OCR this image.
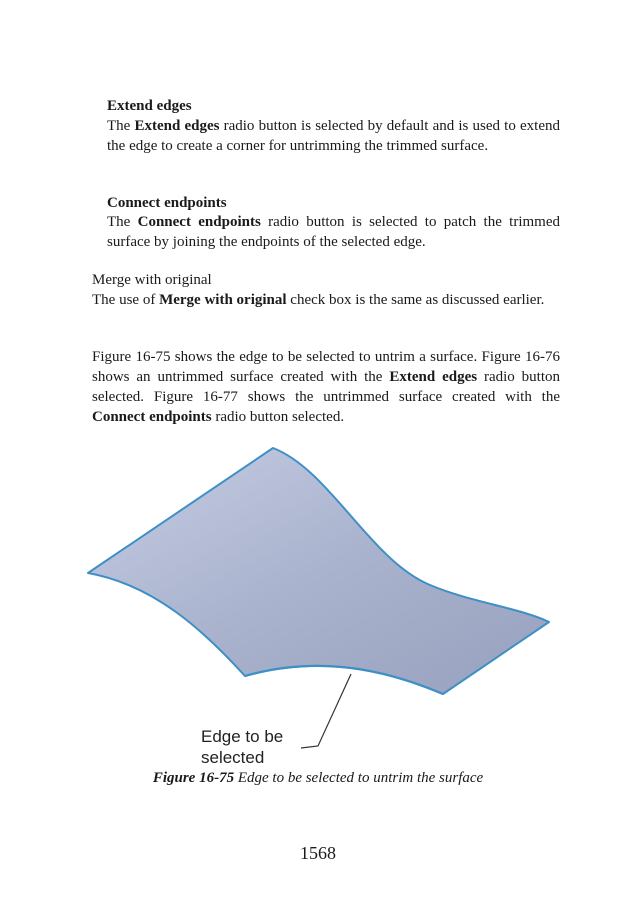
Extend edges
The Extend edges radio button is selected by default and is used to extend the edge to create a corner for untrimming the trimmed surface.
Connect endpoints
The Connect endpoints radio button is selected to patch the trimmed surface by joining the endpoints of the selected edge.
Merge with original
The use of Merge with original check box is the same as discussed earlier.
Figure 16-75 shows the edge to be selected to untrim a surface. Figure 16-76 shows an untrimmed surface created with the Extend edges radio button selected. Figure 16-77 shows the untrimmed surface created with the Connect endpoints radio button selected.
Edge to be
selected
Figure 16-75 Edge to be selected to untrim the surface
1568
